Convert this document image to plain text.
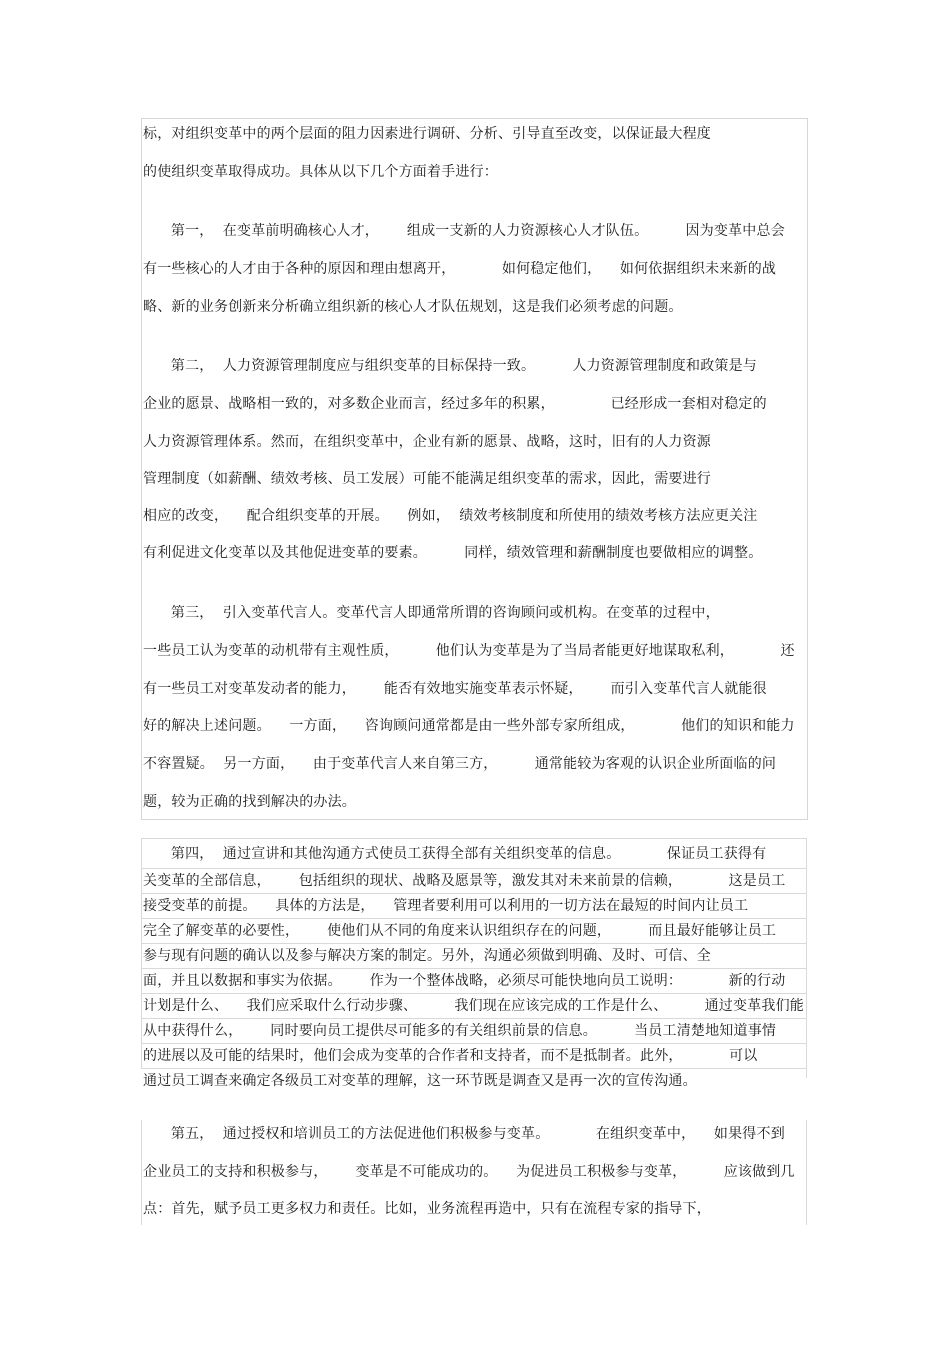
标，对组织变革中的两个层面的阻力因素进行调研、分析、引导直至改变，以保证最大程度
的使组织变革取得成功。具体从以下几个方面着手进行：
第一，  在变革前明确核心人才，      组成一支新的人力资源核心人才队伍。        因为变革中总会
有一些核心的人才由于各种的原因和理由想离开，          如何稳定他们，    如何依据组织未来新的战
略、新的业务创新来分析确立组织新的核心人才队伍规划，这是我们必须考虑的问题。
第二，  人力资源管理制度应与组织变革的目标保持一致。        人力资源管理制度和政策是与
企业的愿景、战略相一致的，对多数企业而言，经过多年的积累，            已经形成一套相对稳定的
人力资源管理体系。然而，在组织变革中，企业有新的愿景、战略，这时，旧有的人力资源
管理制度（如薪酬、绩效考核、员工发展）可能不能满足组织变革的需求，因此，需要进行
相应的改变，    配合组织变革的开展。    例如，  绩效考核制度和所使用的绩效考核方法应更关注
有利促进文化变革以及其他促进变革的要素。        同样，绩效管理和薪酬制度也要做相应的调整。
第三，  引入变革代言人。变革代言人即通常所谓的咨询顾问或机构。在变革的过程中，
一些员工认为变革的动机带有主观性质，        他们认为变革是为了当局者能更好地谋取私利，          还
有一些员工对变革发动者的能力，      能否有效地实施变革表示怀疑，      而引入变革代言人就能很
好的解决上述问题。    一方面，    咨询顾问通常都是由一些外部专家所组成，          他们的知识和能力
不容置疑。  另一方面，    由于变革代言人来自第三方，        通常能较为客观的认识企业所面临的问
题，较为正确的找到解决的办法。
第四，  通过宣讲和其他沟通方式使员工获得全部有关组织变革的信息。          保证员工获得有
关变革的全部信息，      包括组织的现状、战略及愿景等，激发其对未来前景的信赖，          这是员工
接受变革的前提。    具体的方法是，    管理者要利用可以利用的一切方法在最短的时间内让员工
完全了解变革的必要性，      使他们从不同的角度来认识组织存在的问题，        而且最好能够让员工
参与现有问题的确认以及参与解决方案的制定。另外，沟通必须做到明确、及时、可信、全
面，并且以数据和事实为依据。      作为一个整体战略，必须尽可能快地向员工说明：          新的行动
计划是什么、    我们应采取什么行动步骤、        我们现在应该完成的工作是什么、        通过变革我们能
从中获得什么，      同时要向员工提供尽可能多的有关组织前景的信息。        当员工清楚地知道事情
的进展以及可能的结果时，他们会成为变革的合作者和支持者，而不是抵制者。此外，          可以
通过员工调查来确定各级员工对变革的理解，这一环节既是调查又是再一次的宣传沟通。
第五，  通过授权和培训员工的方法促进他们积极参与变革。          在组织变革中，    如果得不到
企业员工的支持和积极参与，      变革是不可能成功的。    为促进员工积极参与变革，        应该做到几
点：首先，赋予员工更多权力和责任。比如，业务流程再造中，只有在流程专家的指导下，
